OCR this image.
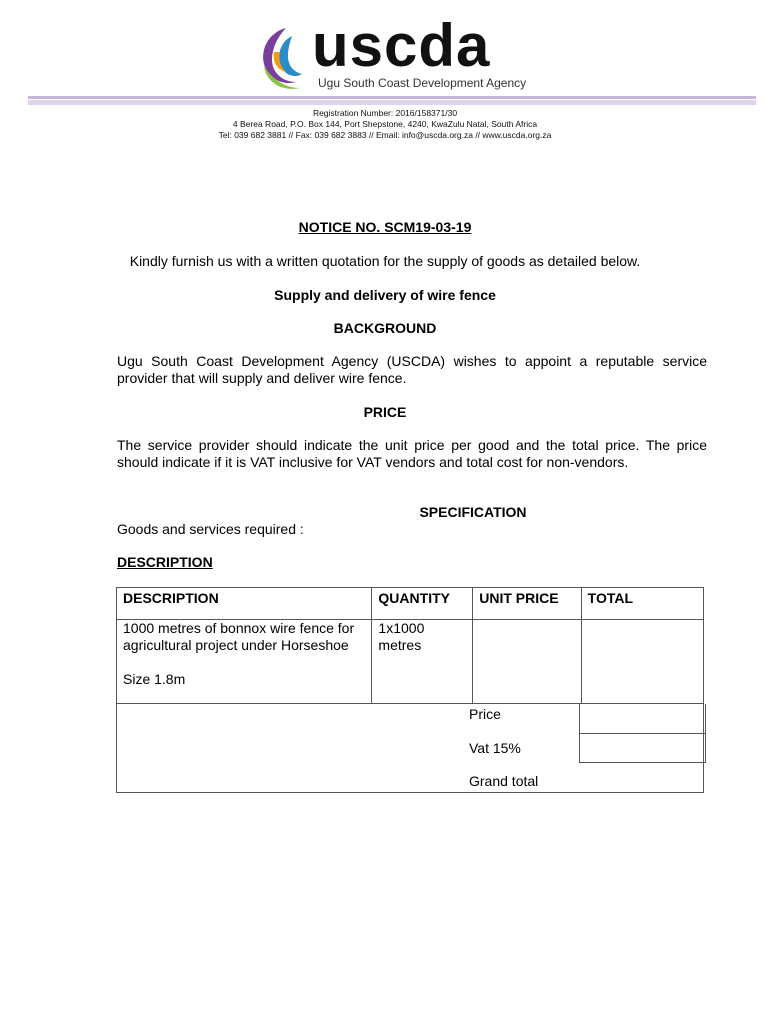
uscda
Ugu South Coast Development Agency
Registration Number: 2016/158371/30
4 Berea Road, P.O. Box 144, Port Shepstone, 4240, KwaZulu Natal, South Africa
Tel: 039 682 3881 // Fax: 039 682 3883 // Email: info@uscda.org.za // www.uscda.org.za
NOTICE NO. SCM19-03-19
Kindly furnish us with a written quotation for the supply of goods as detailed below.
Supply and delivery of wire fence
BACKGROUND
Ugu South Coast Development Agency (USCDA) wishes to appoint a reputable service provider that will supply and deliver wire fence.
PRICE
The service provider should indicate the unit price per good and the total price. The price should indicate if it is VAT inclusive for VAT vendors and total cost for non-vendors.
SPECIFICATION
Goods and services required :
DESCRIPTION
DESCRIPTION	QUANTITY	UNIT PRICE	TOTAL

1000 metres of bonnox wire fence for agricultural project under Horseshoe
Size 1.8m	1x1000 metres		

Price
Vat 15%
Grand total			
